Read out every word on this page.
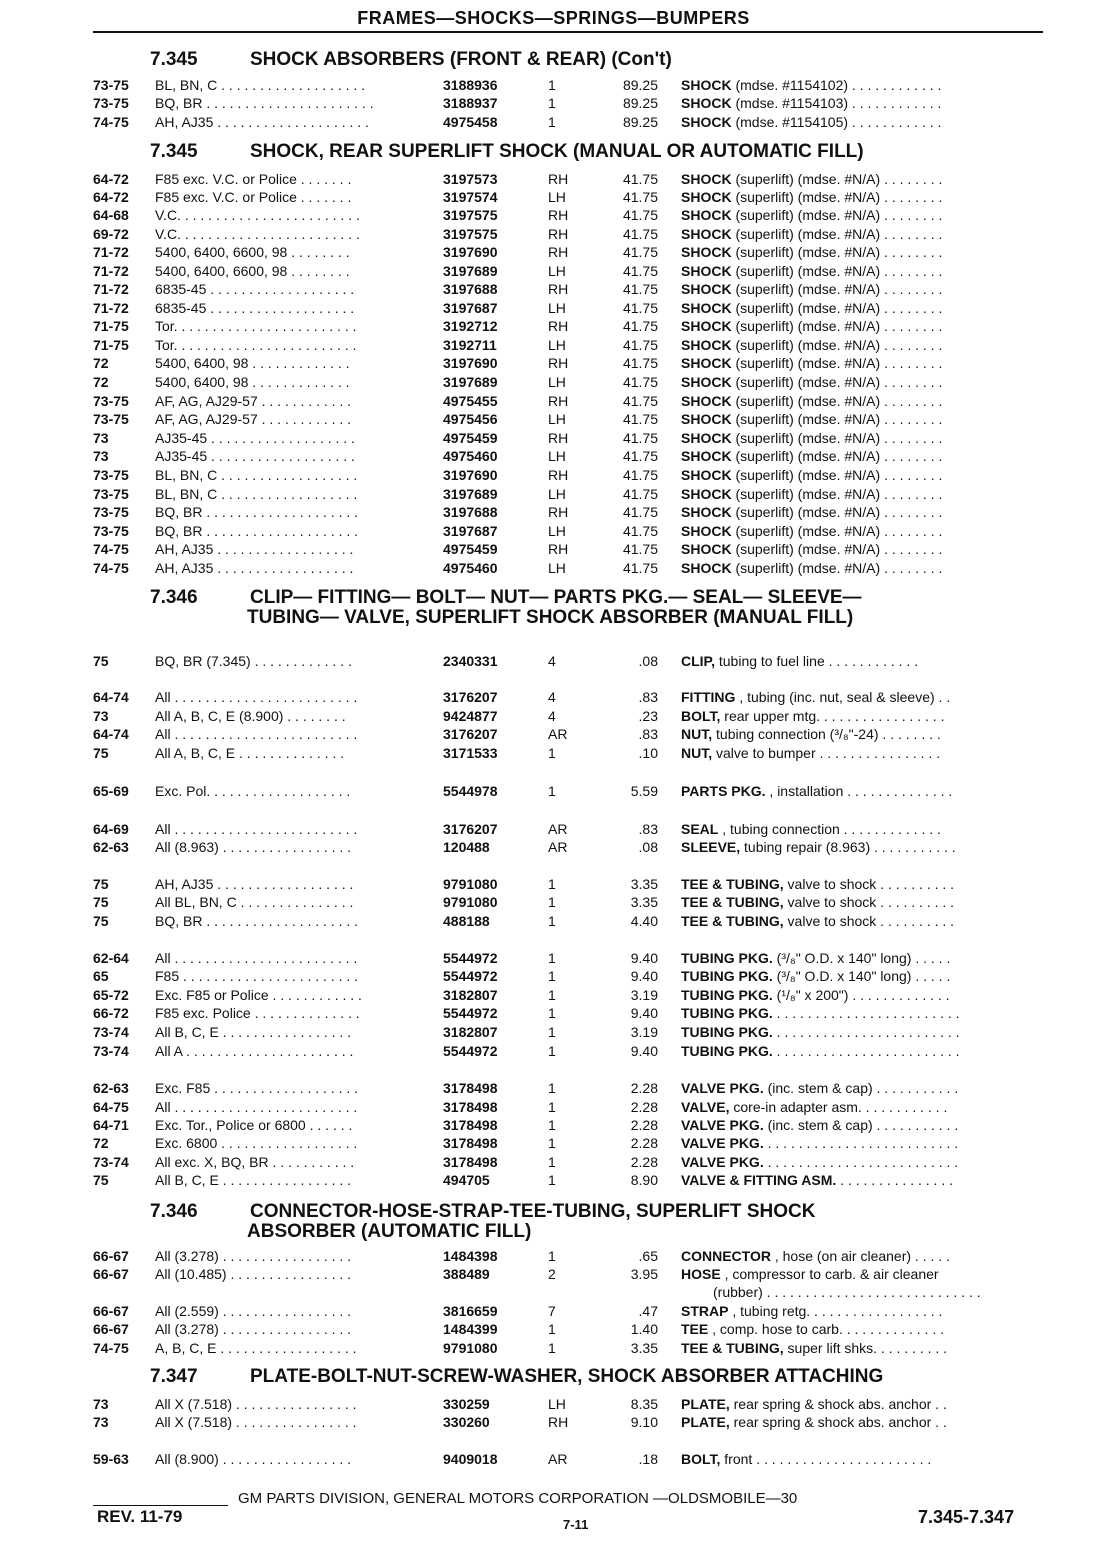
FRAMES—SHOCKS—SPRINGS—BUMPERS
7.345	SHOCK ABSORBERS (FRONT & REAR) (Con't)
7.345	SHOCK, REAR SUPERLIFT SHOCK (MANUAL OR AUTOMATIC FILL)
7.346	CLIP— FITTING— BOLT— NUT— PARTS PKG.— SEAL— SLEEVE—
TUBING— VALVE, SUPERLIFT SHOCK ABSORBER (MANUAL FILL)
7.346	CONNECTOR-HOSE-STRAP-TEE-TUBING, SUPERLIFT SHOCK
ABSORBER (AUTOMATIC FILL)
7.347	PLATE-BOLT-NUT-SCREW-WASHER, SHOCK ABSORBER ATTACHING
73-75 BL, BN, C . . . . . . . . . . . . . . . . . . .	3188936	1	89.25 SHOCK (mdse. #1154102) . . . . . . . . . . . .
73-75 BQ, BR . . . . . . . . . . . . . . . . . . . . . .	3188937	1	89.25 SHOCK (mdse. #1154103) . . . . . . . . . . . .
74-75 AH, AJ35 . . . . . . . . . . . . . . . . . . . .	4975458	1	89.25 SHOCK (mdse. #1154105) . . . . . . . . . . . .
64-72 F85 exc. V.C. or Police . . . . . . .	3197573	RH	41.75 SHOCK (superlift) (mdse. #N/A) . . . . . . . .
64-72 F85 exc. V.C. or Police . . . . . . .	3197574	LH	41.75 SHOCK (superlift) (mdse. #N/A) . . . . . . . .
64-68 V.C. . . . . . . . . . . . . . . . . . . . . . . .	3197575	RH	41.75 SHOCK (superlift) (mdse. #N/A) . . . . . . . .
69-72 V.C. . . . . . . . . . . . . . . . . . . . . . . .	3197575	RH	41.75 SHOCK (superlift) (mdse. #N/A) . . . . . . . .
71-72 5400, 6400, 6600, 98 . . . . . . . .	3197690	RH	41.75 SHOCK (superlift) (mdse. #N/A) . . . . . . . .
71-72 5400, 6400, 6600, 98 . . . . . . . .	3197689	LH	41.75 SHOCK (superlift) (mdse. #N/A) . . . . . . . .
71-72 6835-45 . . . . . . . . . . . . . . . . . . .	3197688	RH	41.75 SHOCK (superlift) (mdse. #N/A) . . . . . . . .
71-72 6835-45 . . . . . . . . . . . . . . . . . . .	3197687	LH	41.75 SHOCK (superlift) (mdse. #N/A) . . . . . . . .
71-75 Tor. . . . . . . . . . . . . . . . . . . . . . . .	3192712	RH	41.75 SHOCK (superlift) (mdse. #N/A) . . . . . . . .
71-75 Tor. . . . . . . . . . . . . . . . . . . . . . . .	3192711	LH	41.75 SHOCK (superlift) (mdse. #N/A) . . . . . . . .
72	5400, 6400, 98 . . . . . . . . . . . . .	3197690	RH	41.75 SHOCK (superlift) (mdse. #N/A) . . . . . . . .
72	5400, 6400, 98 . . . . . . . . . . . . .	3197689	LH	41.75 SHOCK (superlift) (mdse. #N/A) . . . . . . . .
73-75 AF, AG, AJ29-57 . . . . . . . . . . . .	4975455	RH	41.75 SHOCK (superlift) (mdse. #N/A) . . . . . . . .
73-75 AF, AG, AJ29-57 . . . . . . . . . . . .	4975456	LH	41.75 SHOCK (superlift) (mdse. #N/A) . . . . . . . .
73	AJ35-45 . . . . . . . . . . . . . . . . . . .	4975459	RH	41.75 SHOCK (superlift) (mdse. #N/A) . . . . . . . .
73	AJ35-45 . . . . . . . . . . . . . . . . . . .	4975460	LH	41.75 SHOCK (superlift) (mdse. #N/A) . . . . . . . .
73-75 BL, BN, C . . . . . . . . . . . . . . . . . .	3197690	RH	41.75 SHOCK (superlift) (mdse. #N/A) . . . . . . . .
73-75 BL, BN, C . . . . . . . . . . . . . . . . . .	3197689	LH	41.75 SHOCK (superlift) (mdse. #N/A) . . . . . . . .
73-75 BQ, BR . . . . . . . . . . . . . . . . . . . .	3197688	RH	41.75 SHOCK (superlift) (mdse. #N/A) . . . . . . . .
73-75 BQ, BR . . . . . . . . . . . . . . . . . . . .	3197687	LH	41.75 SHOCK (superlift) (mdse. #N/A) . . . . . . . .
74-75 AH, AJ35 . . . . . . . . . . . . . . . . . .	4975459	RH	41.75 SHOCK (superlift) (mdse. #N/A) . . . . . . . .
74-75 AH, AJ35 . . . . . . . . . . . . . . . . . .	4975460	LH	41.75 SHOCK (superlift) (mdse. #N/A) . . . . . . . .
75	BQ, BR (7.345) . . . . . . . . . . . . .	2340331	4	.08 CLIP, tubing to fuel line . . . . . . . . . . . .
64-74 All . . . . . . . . . . . . . . . . . . . . . . . .	3176207	4	.83 FITTING , tubing (inc. nut, seal & sleeve) . .
73	All A, B, C, E (8.900) . . . . . . . .	9424877	4	.23 BOLT, rear upper mtg. . . . . . . . . . . . . . . . .
64-74 All . . . . . . . . . . . . . . . . . . . . . . . .	3176207	AR	.83 NUT, tubing connection (³/₈"-24) . . . . . . . .
75	All A, B, C, E . . . . . . . . . . . . . .	3171533	1	.10 NUT, valve to bumper . . . . . . . . . . . . . . . .
65-69 Exc. Pol. . . . . . . . . . . . . . . . . . .	5544978	1	5.59 PARTS PKG. , installation . . . . . . . . . . . . . .
64-69 All . . . . . . . . . . . . . . . . . . . . . . . .	3176207	AR	.83 SEAL , tubing connection . . . . . . . . . . . . .
62-63 All (8.963) . . . . . . . . . . . . . . . . .	120488	AR	.08 SLEEVE, tubing repair (8.963) . . . . . . . . . . .
75	AH, AJ35 . . . . . . . . . . . . . . . . . .	9791080	1	3.35 TEE & TUBING, valve to shock . . . . . . . . . .
75	All BL, BN, C . . . . . . . . . . . . . . .	9791080	1	3.35 TEE & TUBING, valve to shock . . . . . . . . . .
75	BQ, BR . . . . . . . . . . . . . . . . . . . .	488188	1	4.40 TEE & TUBING, valve to shock . . . . . . . . . .
62-64 All . . . . . . . . . . . . . . . . . . . . . . . .	5544972	1	9.40 TUBING PKG. (³/₈" O.D. x 140" long) . . . . .
65	F85 . . . . . . . . . . . . . . . . . . . . . . .	5544972	1	9.40 TUBING PKG. (³/₈" O.D. x 140" long) . . . . .
65-72 Exc. F85 or Police . . . . . . . . . . . .	3182807	1	3.19 TUBING PKG. (¹/₈" x 200") . . . . . . . . . . . . .
66-72 F85 exc. Police . . . . . . . . . . . . . .	5544972	1	9.40 TUBING PKG. . . . . . . . . . . . . . . . . . . . . . . . .
73-74 All B, C, E . . . . . . . . . . . . . . . . .	3182807	1	3.19 TUBING PKG. . . . . . . . . . . . . . . . . . . . . . . . .
73-74 All A . . . . . . . . . . . . . . . . . . . . . .	5544972	1	9.40 TUBING PKG. . . . . . . . . . . . . . . . . . . . . . . . .
62-63 Exc. F85 . . . . . . . . . . . . . . . . . . .	3178498	1	2.28 VALVE PKG. (inc. stem & cap) . . . . . . . . . . .
64-75 All . . . . . . . . . . . . . . . . . . . . . . . .	3178498	1	2.28 VALVE, core-in adapter asm. . . . . . . . . . . .
64-71 Exc. Tor., Police or 6800 . . . . . .	3178498	1	2.28 VALVE PKG. (inc. stem & cap) . . . . . . . . . . .
72	Exc. 6800 . . . . . . . . . . . . . . . . . .	3178498	1	2.28 VALVE PKG. . . . . . . . . . . . . . . . . . . . . . . . . .
73-74 All exc. X, BQ, BR . . . . . . . . . . .	3178498	1	2.28 VALVE PKG. . . . . . . . . . . . . . . . . . . . . . . . . .
75	All B, C, E . . . . . . . . . . . . . . . . .	494705	1	8.90 VALVE & FITTING ASM. . . . . . . . . . . . . . . .
66-67 All (3.278) . . . . . . . . . . . . . . . . .	1484398	1	.65 CONNECTOR , hose (on air cleaner) . . . . .
66-67 All (10.485) . . . . . . . . . . . . . . . .	388489	2	3.95 HOSE , compressor to carb. & air cleaner
(rubber) . . . . . . . . . . . . . . . . . . . . . . . . . . . .
66-67 All (2.559) . . . . . . . . . . . . . . . . .	3816659	7	.47 STRAP , tubing retg. . . . . . . . . . . . . . . . . .
66-67 All (3.278) . . . . . . . . . . . . . . . . .	1484399	1	1.40 TEE , comp. hose to carb. . . . . . . . . . . . . .
74-75 A, B, C, E . . . . . . . . . . . . . . . . . .	9791080	1	3.35 TEE & TUBING, super lift shks. . . . . . . . . .
73	All X (7.518) . . . . . . . . . . . . . . . .	330259	LH	8.35 PLATE, rear spring & shock abs. anchor . .
73	All X (7.518) . . . . . . . . . . . . . . . .	330260	RH	9.10 PLATE, rear spring & shock abs. anchor . .
59-63 All (8.900) . . . . . . . . . . . . . . . . .	9409018	AR	.18 BOLT, front . . . . . . . . . . . . . . . . . . . . . . .
GM PARTS DIVISION, GENERAL MOTORS CORPORATION —OLDSMOBILE—30
REV. 11-79	7-11	7.345-7.347
